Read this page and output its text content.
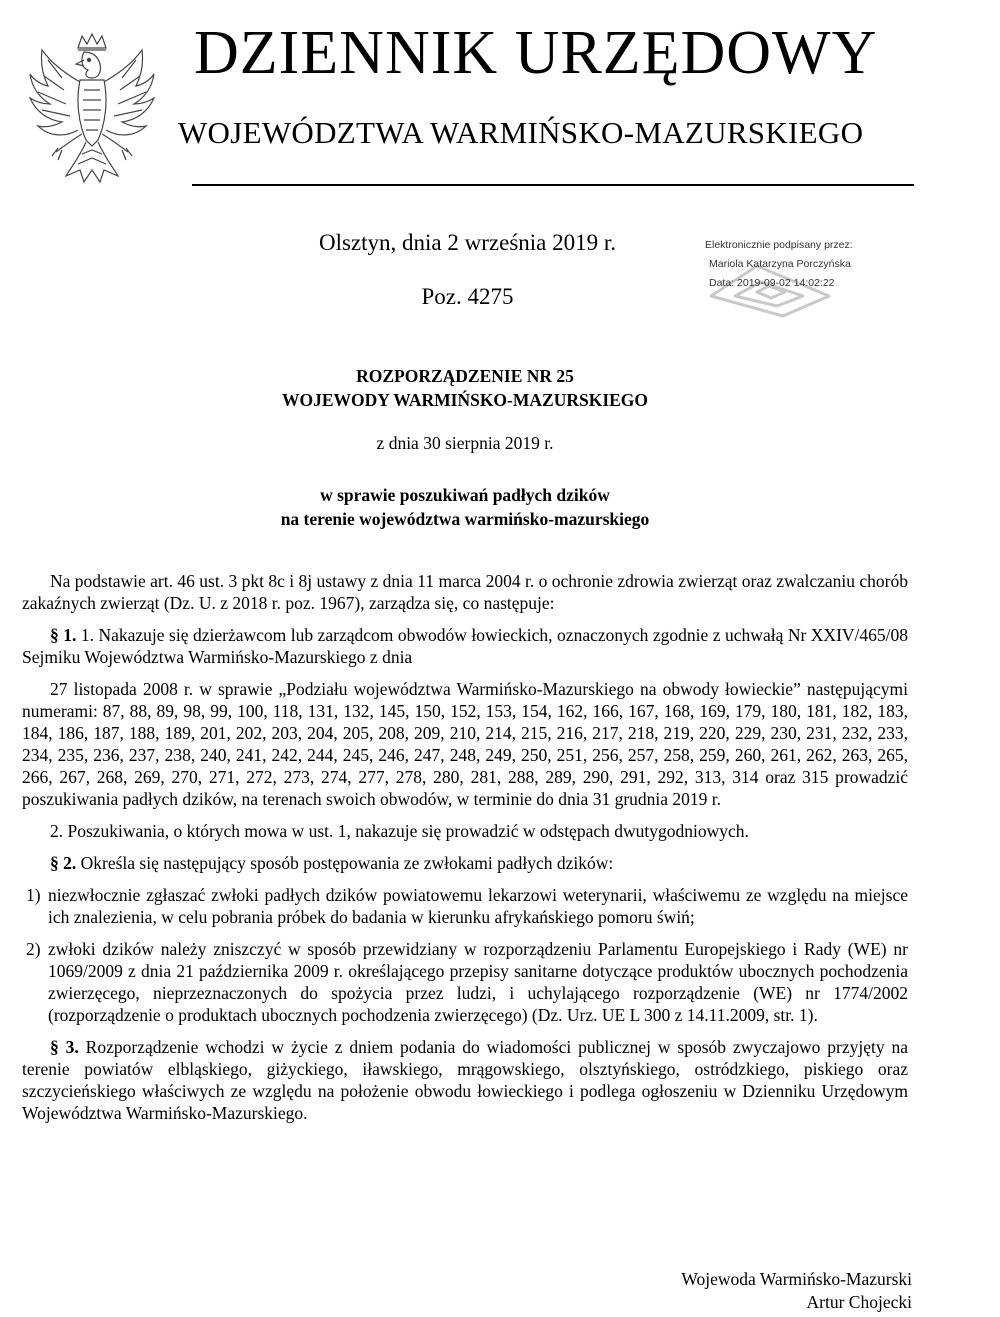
DZIENNIK URZĘDOWY
WOJEWÓDZTWA WARMIŃSKO-MAZURSKIEGO
Olsztyn, dnia 2 września 2019 r.
Poz. 4275
Elektronicznie podpisany przez:
Mariola Katarzyna Porczyńska
Data: 2019-09-02 14:02:22
ROZPORZĄDZENIE NR 25
WOJEWODY WARMIŃSKO-MAZURSKIEGO
z dnia 30 sierpnia 2019 r.
w sprawie poszukiwań padłych dzików
na terenie województwa warmińsko-mazurskiego

Na podstawie art. 46 ust. 3 pkt 8c i 8j ustawy z dnia 11 marca 2004 r. o ochronie zdrowia zwierząt oraz zwalczaniu chorób zakaźnych zwierząt (Dz. U. z 2018 r. poz. 1967), zarządza się, co następuje:

§ 1. 1. Nakazuje się dzierżawcom lub zarządcom obwodów łowieckich, oznaczonych zgodnie z uchwałą Nr XXIV/465/08 Sejmiku Województwa Warmińsko-Mazurskiego z dnia

27 listopada 2008 r. w sprawie „Podziału województwa Warmińsko-Mazurskiego na obwody łowieckie” następującymi numerami: 87, 88, 89, 98, 99, 100, 118, 131, 132, 145, 150, 152, 153, 154, 162, 166, 167, 168, 169, 179, 180, 181, 182, 183, 184, 186, 187, 188, 189, 201, 202, 203, 204, 205, 208, 209, 210, 214, 215, 216, 217, 218, 219, 220, 229, 230, 231, 232, 233, 234, 235, 236, 237, 238, 240, 241, 242, 244, 245, 246, 247, 248, 249, 250, 251, 256, 257, 258, 259, 260, 261, 262, 263, 265, 266, 267, 268, 269, 270, 271, 272, 273, 274, 277, 278, 280, 281, 288, 289, 290, 291, 292, 313, 314 oraz 315 prowadzić poszukiwania padłych dzików, na terenach swoich obwodów, w terminie do dnia 31 grudnia 2019 r.

2. Poszukiwania, o których mowa w ust. 1, nakazuje się prowadzić w odstępach dwutygodniowych.

§ 2. Określa się następujący sposób postępowania ze zwłokami padłych dzików:

1) niezwłocznie zgłaszać zwłoki padłych dzików powiatowemu lekarzowi weterynarii, właściwemu ze względu na miejsce ich znalezienia, w celu pobrania próbek do badania w kierunku afrykańskiego pomoru świń;
2) zwłoki dzików należy zniszczyć w sposób przewidziany w rozporządzeniu Parlamentu Europejskiego i Rady (WE) nr 1069/2009 z dnia 21 października 2009 r. określającego przepisy sanitarne dotyczące produktów ubocznych pochodzenia zwierzęcego, nieprzeznaczonych do spożycia przez ludzi, i uchylającego rozporządzenie (WE) nr 1774/2002 (rozporządzenie o produktach ubocznych pochodzenia zwierzęcego) (Dz. Urz. UE L 300 z 14.11.2009, str. 1).

§ 3. Rozporządzenie wchodzi w życie z dniem podania do wiadomości publicznej w sposób zwyczajowo przyjęty na terenie powiatów elbląskiego, giżyckiego, iławskiego, mrągowskiego, olsztyńskiego, ostródzkiego, piskiego oraz szczycieńskiego właściwych ze względu na położenie obwodu łowieckiego i podlega ogłoszeniu w Dzienniku Urzędowym Województwa Warmińsko-Mazurskiego.

Wojewoda Warmińsko-Mazurski
Artur Chojecki
